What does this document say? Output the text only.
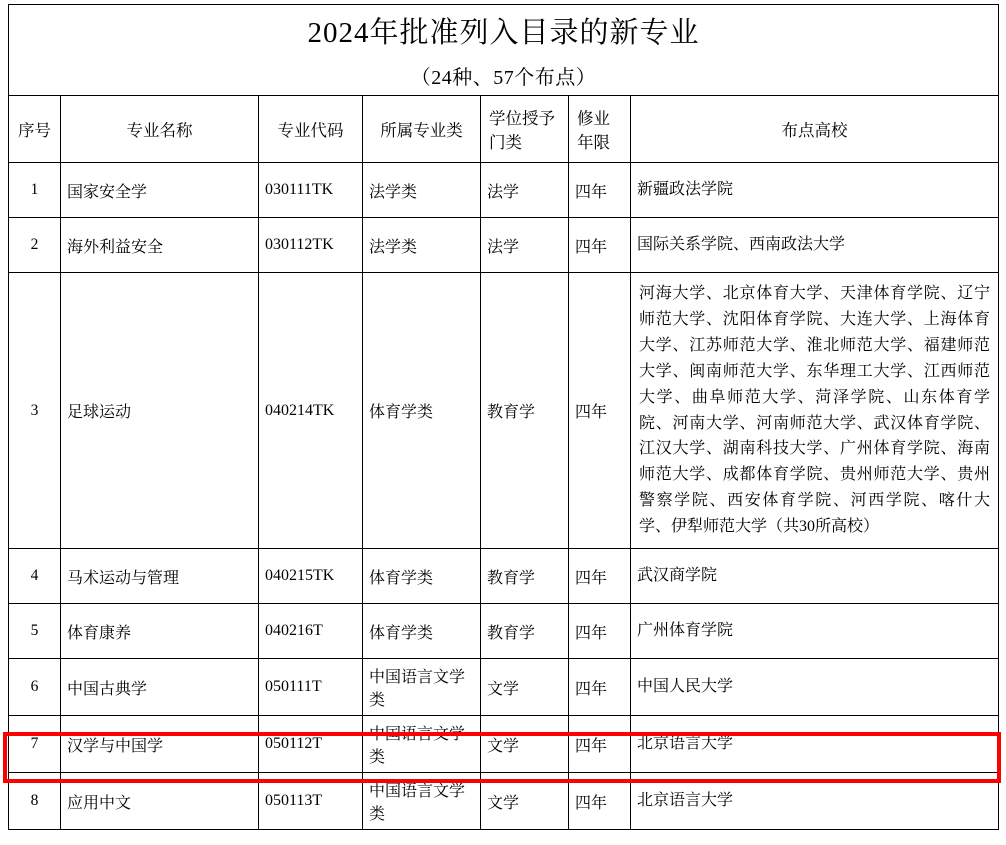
2024年批准列入目录的新专业						
（24种、57个布点）						
序号	专业名称	专业代码	所属专业类	学位授予门类	修业年限	布点高校
1	国家安全学	030111TK	法学类	法学	四年	新疆政法学院
2	海外利益安全	030112TK	法学类	法学	四年	国际关系学院、西南政法大学
3	足球运动	040214TK	体育学类	教育学	四年	河海大学、北京体育大学、天津体育学院、辽宁师范大学、沈阳体育学院、大连大学、上海体育大学、江苏师范大学、淮北师范大学、福建师范大学、闽南师范大学、东华理工大学、江西师范大学、曲阜师范大学、菏泽学院、山东体育学院、河南大学、河南师范大学、武汉体育学院、江汉大学、湖南科技大学、广州体育学院、海南师范大学、成都体育学院、贵州师范大学、贵州警察学院、西安体育学院、河西学院、喀什大学、伊犁师范大学（共30所高校）
4	马术运动与管理	040215TK	体育学类	教育学	四年	武汉商学院
5	体育康养	040216T	体育学类	教育学	四年	广州体育学院
6	中国古典学	050111T	中国语言文学类	文学	四年	中国人民大学
7	汉学与中国学	050112T	中国语言文学类	文学	四年	北京语言大学
8	应用中文	050113T	中国语言文学类	文学	四年	北京语言大学
